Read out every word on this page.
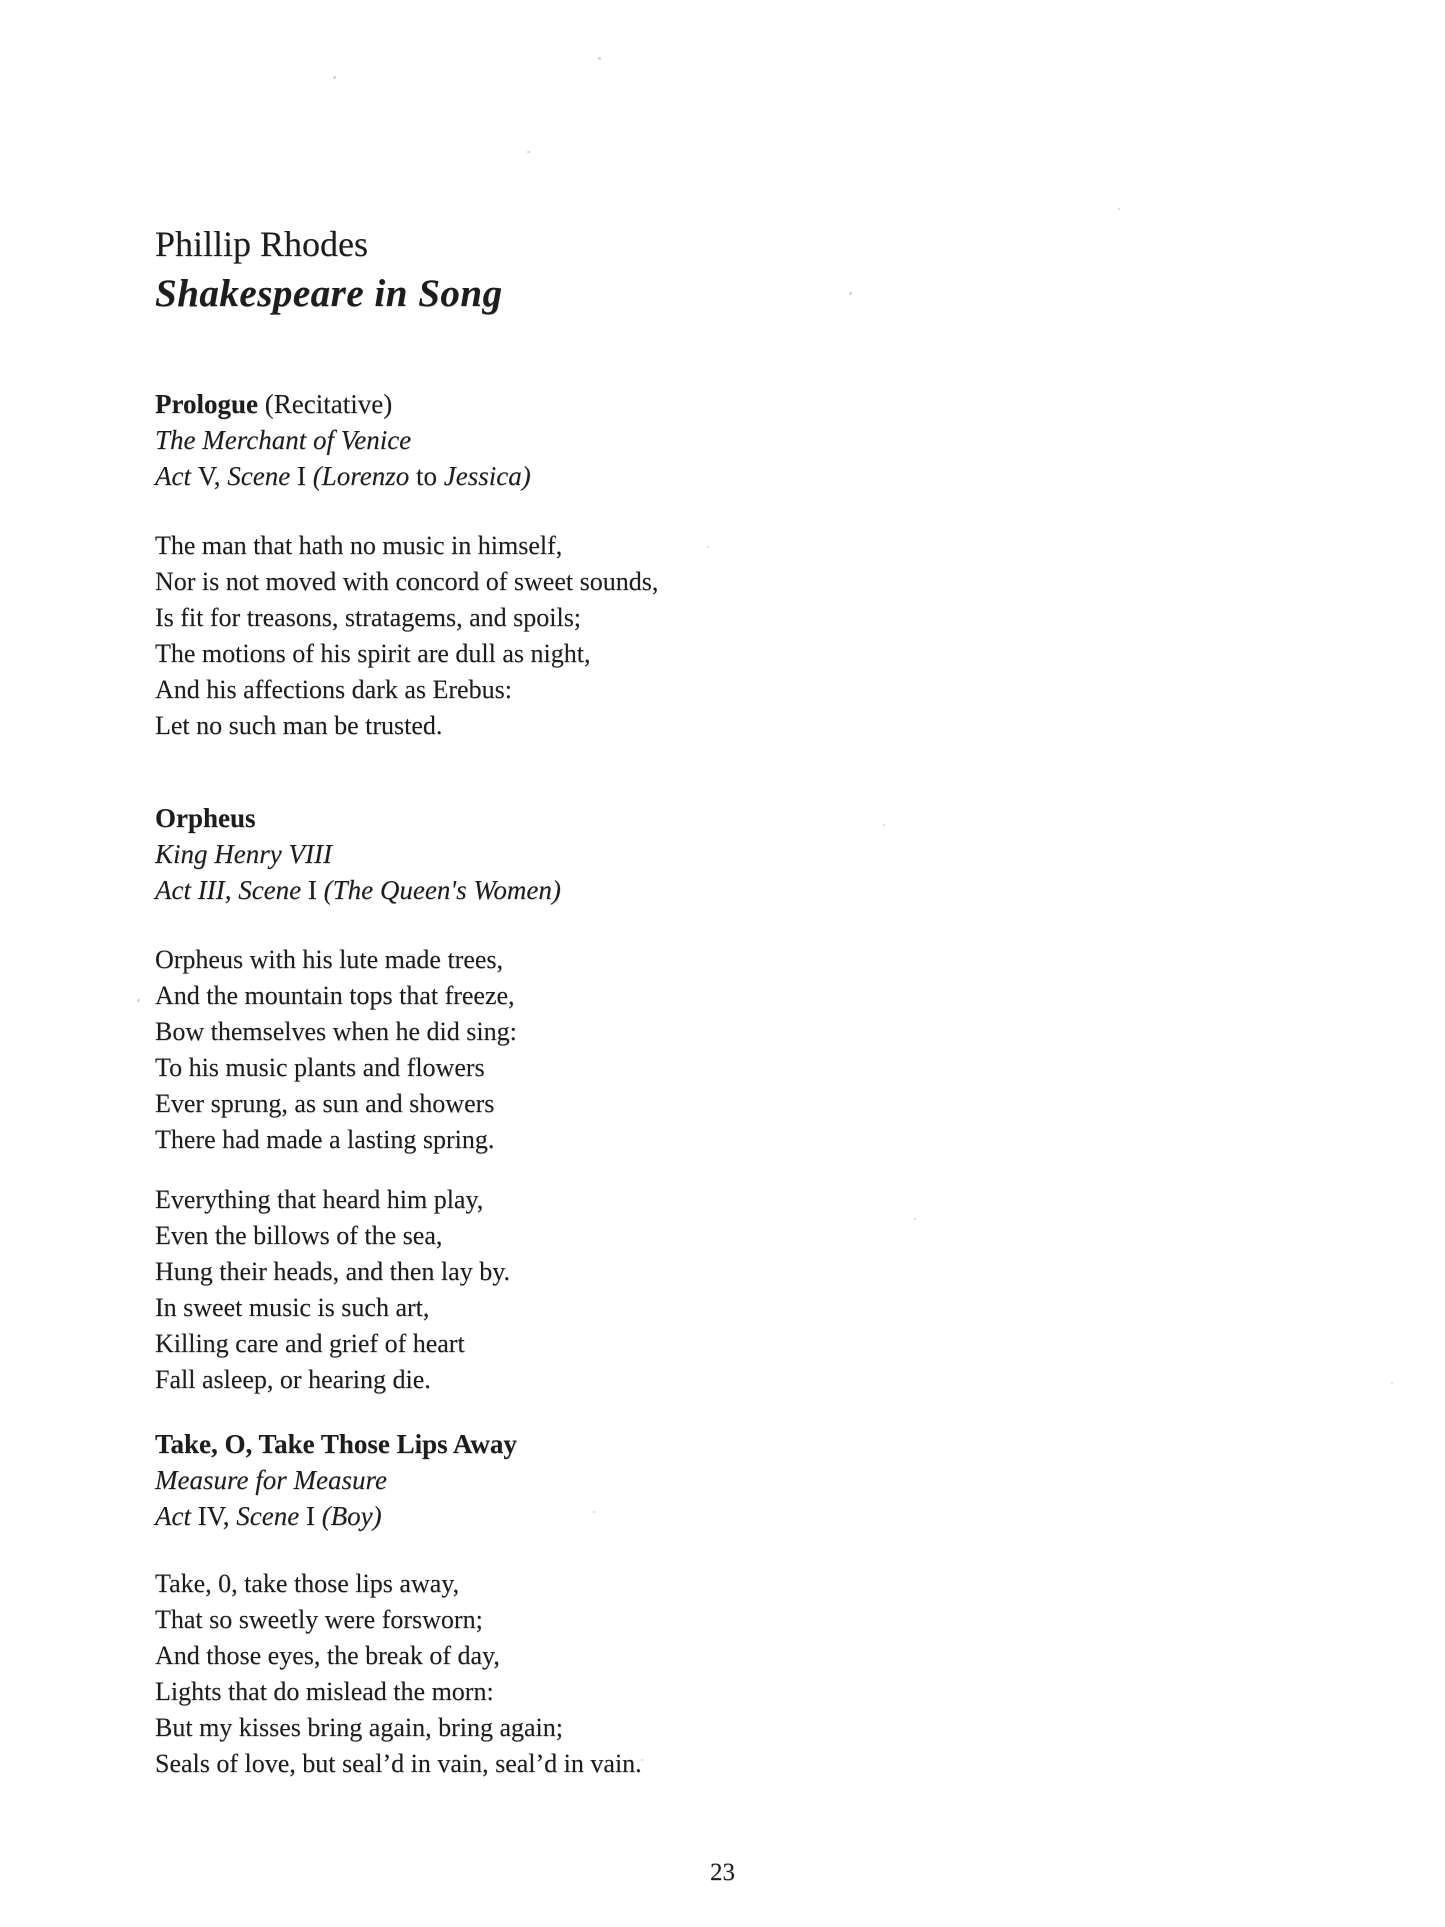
Phillip Rhodes
Shakespeare in Song
Prologue (Recitative)
The Merchant of Venice
Act V, Scene I (Lorenzo to Jessica)
The man that hath no music in himself,
Nor is not moved with concord of sweet sounds,
Is fit for treasons, stratagems, and spoils;
The motions of his spirit are dull as night,
And his affections dark as Erebus:
Let no such man be trusted.
Orpheus
King Henry VIII
Act III, Scene I (The Queen's Women)
Orpheus with his lute made trees,
And the mountain tops that freeze,
Bow themselves when he did sing:
To his music plants and flowers
Ever sprung, as sun and showers
There had made a lasting spring.
Everything that heard him play,
Even the billows of the sea,
Hung their heads, and then lay by.
In sweet music is such art,
Killing care and grief of heart
Fall asleep, or hearing die.
Take, O, Take Those Lips Away
Measure for Measure
Act IV, Scene I (Boy)
Take, 0, take those lips away,
That so sweetly were forsworn;
And those eyes, the break of day,
Lights that do mislead the morn:
But my kisses bring again, bring again;
Seals of love, but seal’d in vain, seal’d in vain.
23
